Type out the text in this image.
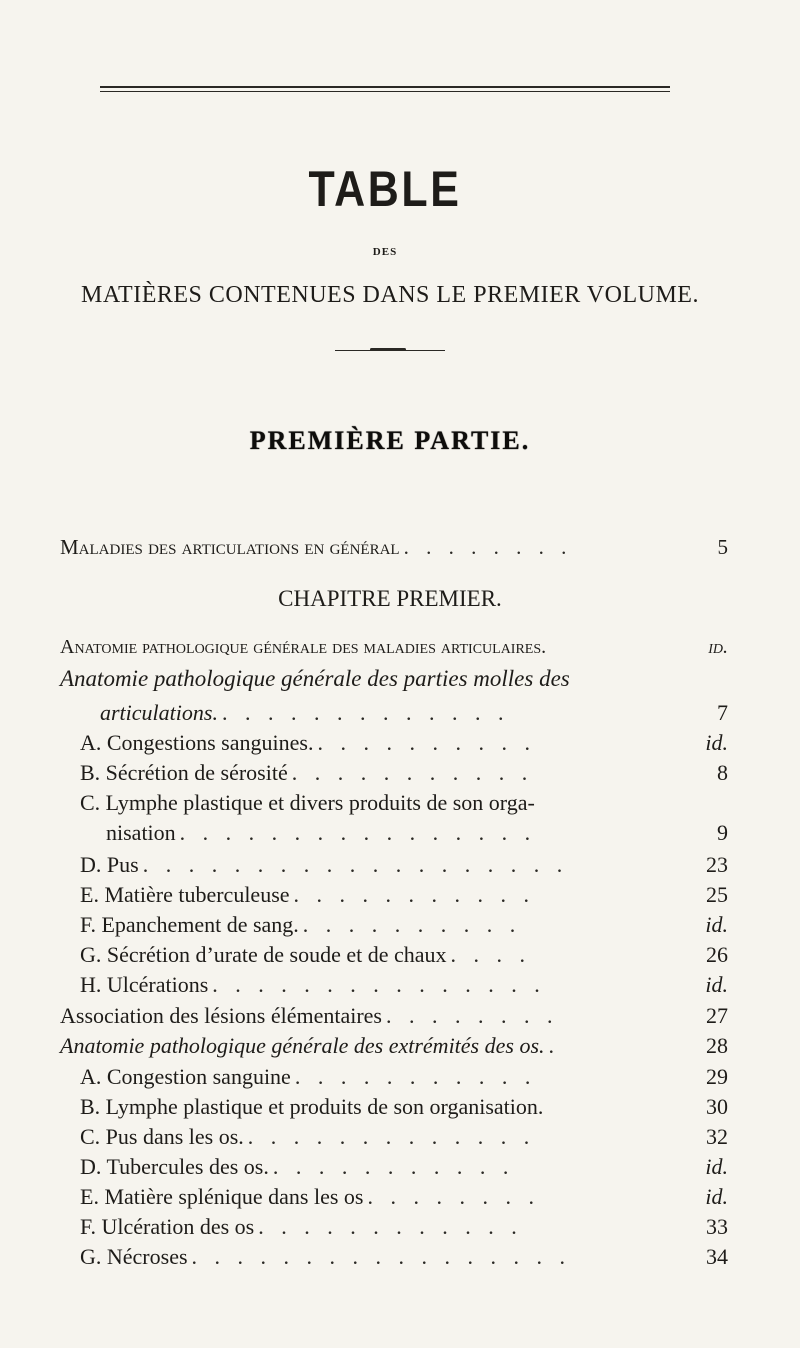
TABLE
DES
MATIÈRES CONTENUES DANS LE PREMIER VOLUME.
PREMIÈRE PARTIE.
Maladies des articulations en général . . . . . . . .	5
CHAPITRE PREMIER.
Anatomie pathologique générale des maladies articulaires.	id.
Anatomie pathologique générale des parties molles des
articulations. . . . . . . . . . . . . .	7
A. Congestions sanguines. . . . . . . . . . .	id.
B. Sécrétion de sérosité . . . . . . . . . . .	8
C. Lymphe plastique et divers produits de son orga-
nisation . . . . . . . . . . . . . . . .	9
D. Pus . . . . . . . . . . . . . . . . . . .	23
E. Matière tuberculeuse . . . . . . . . . . .	25
F. Epanchement de sang. . . . . . . . . . .	id.
G. Sécrétion d’urate de soude et de chaux . . . .	26
H. Ulcérations . . . . . . . . . . . . . . .	id.
Association des lésions élémentaires . . . . . . . .	27
Anatomie pathologique générale des extrémités des os. .	28
A. Congestion sanguine . . . . . . . . . . .	29
B. Lymphe plastique et produits de son organisation.	30
C. Pus dans les os. . . . . . . . . . . . . .	32
D. Tubercules des os. . . . . . . . . . . .	id.
E. Matière splénique dans les os . . . . . . . .	id.
F. Ulcération des os . . . . . . . . . . . .	33
G. Nécroses . . . . . . . . . . . . . . . . .	34
